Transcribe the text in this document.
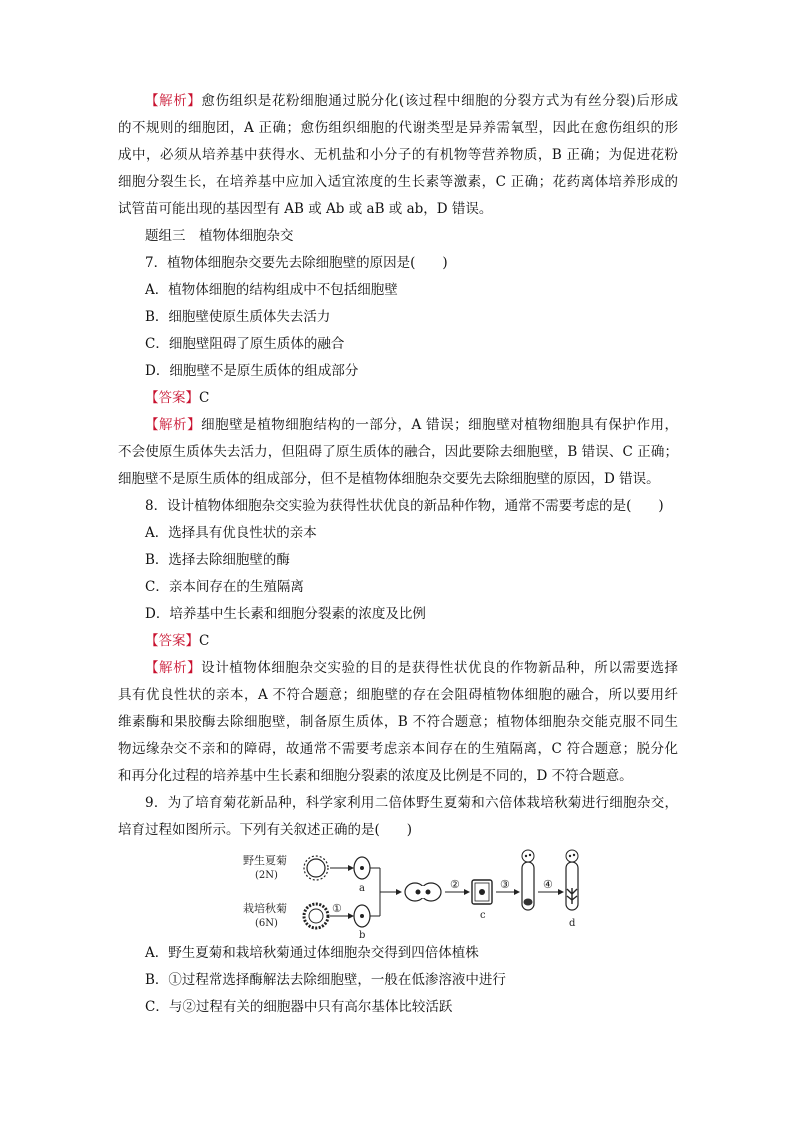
【解析】愈伤组织是花粉细胞通过脱分化(该过程中细胞的分裂方式为有丝分裂)后形成
的不规则的细胞团，A 正确；愈伤组织细胞的代谢类型是异养需氧型，因此在愈伤组织的形
成中，必须从培养基中获得水、无机盐和小分子的有机物等营养物质，B 正确；为促进花粉
细胞分裂生长，在培养基中应加入适宜浓度的生长素等激素，C 正确；花药离体培养形成的
试管苗可能出现的基因型有 AB 或 Ab 或 aB 或 ab，D 错误。
题组三　植物体细胞杂交
7．植物体细胞杂交要先去除细胞壁的原因是(　　)
A．植物体细胞的结构组成中不包括细胞壁
B．细胞壁使原生质体失去活力
C．细胞壁阻碍了原生质体的融合
D．细胞壁不是原生质体的组成部分
【答案】C
【解析】细胞壁是植物细胞结构的一部分，A 错误；细胞壁对植物细胞具有保护作用，
不会使原生质体失去活力，但阻碍了原生质体的融合，因此要除去细胞壁，B 错误、C 正确；
细胞壁不是原生质体的组成部分，但不是植物体细胞杂交要先去除细胞壁的原因，D 错误。
8．设计植物体细胞杂交实验为获得性状优良的新品种作物，通常不需要考虑的是(　　)
A．选择具有优良性状的亲本
B．选择去除细胞壁的酶
C．亲本间存在的生殖隔离
D．培养基中生长素和细胞分裂素的浓度及比例
【答案】C
【解析】设计植物体细胞杂交实验的目的是获得性状优良的作物新品种，所以需要选择
具有优良性状的亲本，A 不符合题意；细胞壁的存在会阻碍植物体细胞的融合，所以要用纤
维素酶和果胶酶去除细胞壁，制备原生质体，B 不符合题意；植物体细胞杂交能克服不同生
物远缘杂交不亲和的障碍，故通常不需要考虑亲本间存在的生殖隔离，C 符合题意；脱分化
和再分化过程的培养基中生长素和细胞分裂素的浓度及比例是不同的，D 不符合题意。
9．为了培育菊花新品种，科学家利用二倍体野生夏菊和六倍体栽培秋菊进行细胞杂交，
培育过程如图所示。下列有关叙述正确的是(　　)
野生夏菊
(2N)
栽培秋菊
(6N)
①
a
b
②
c
③	④
d
A．野生夏菊和栽培秋菊通过体细胞杂交得到四倍体植株
B．①过程常选择酶解法去除细胞壁，一般在低渗溶液中进行
C．与②过程有关的细胞器中只有高尔基体比较活跃
